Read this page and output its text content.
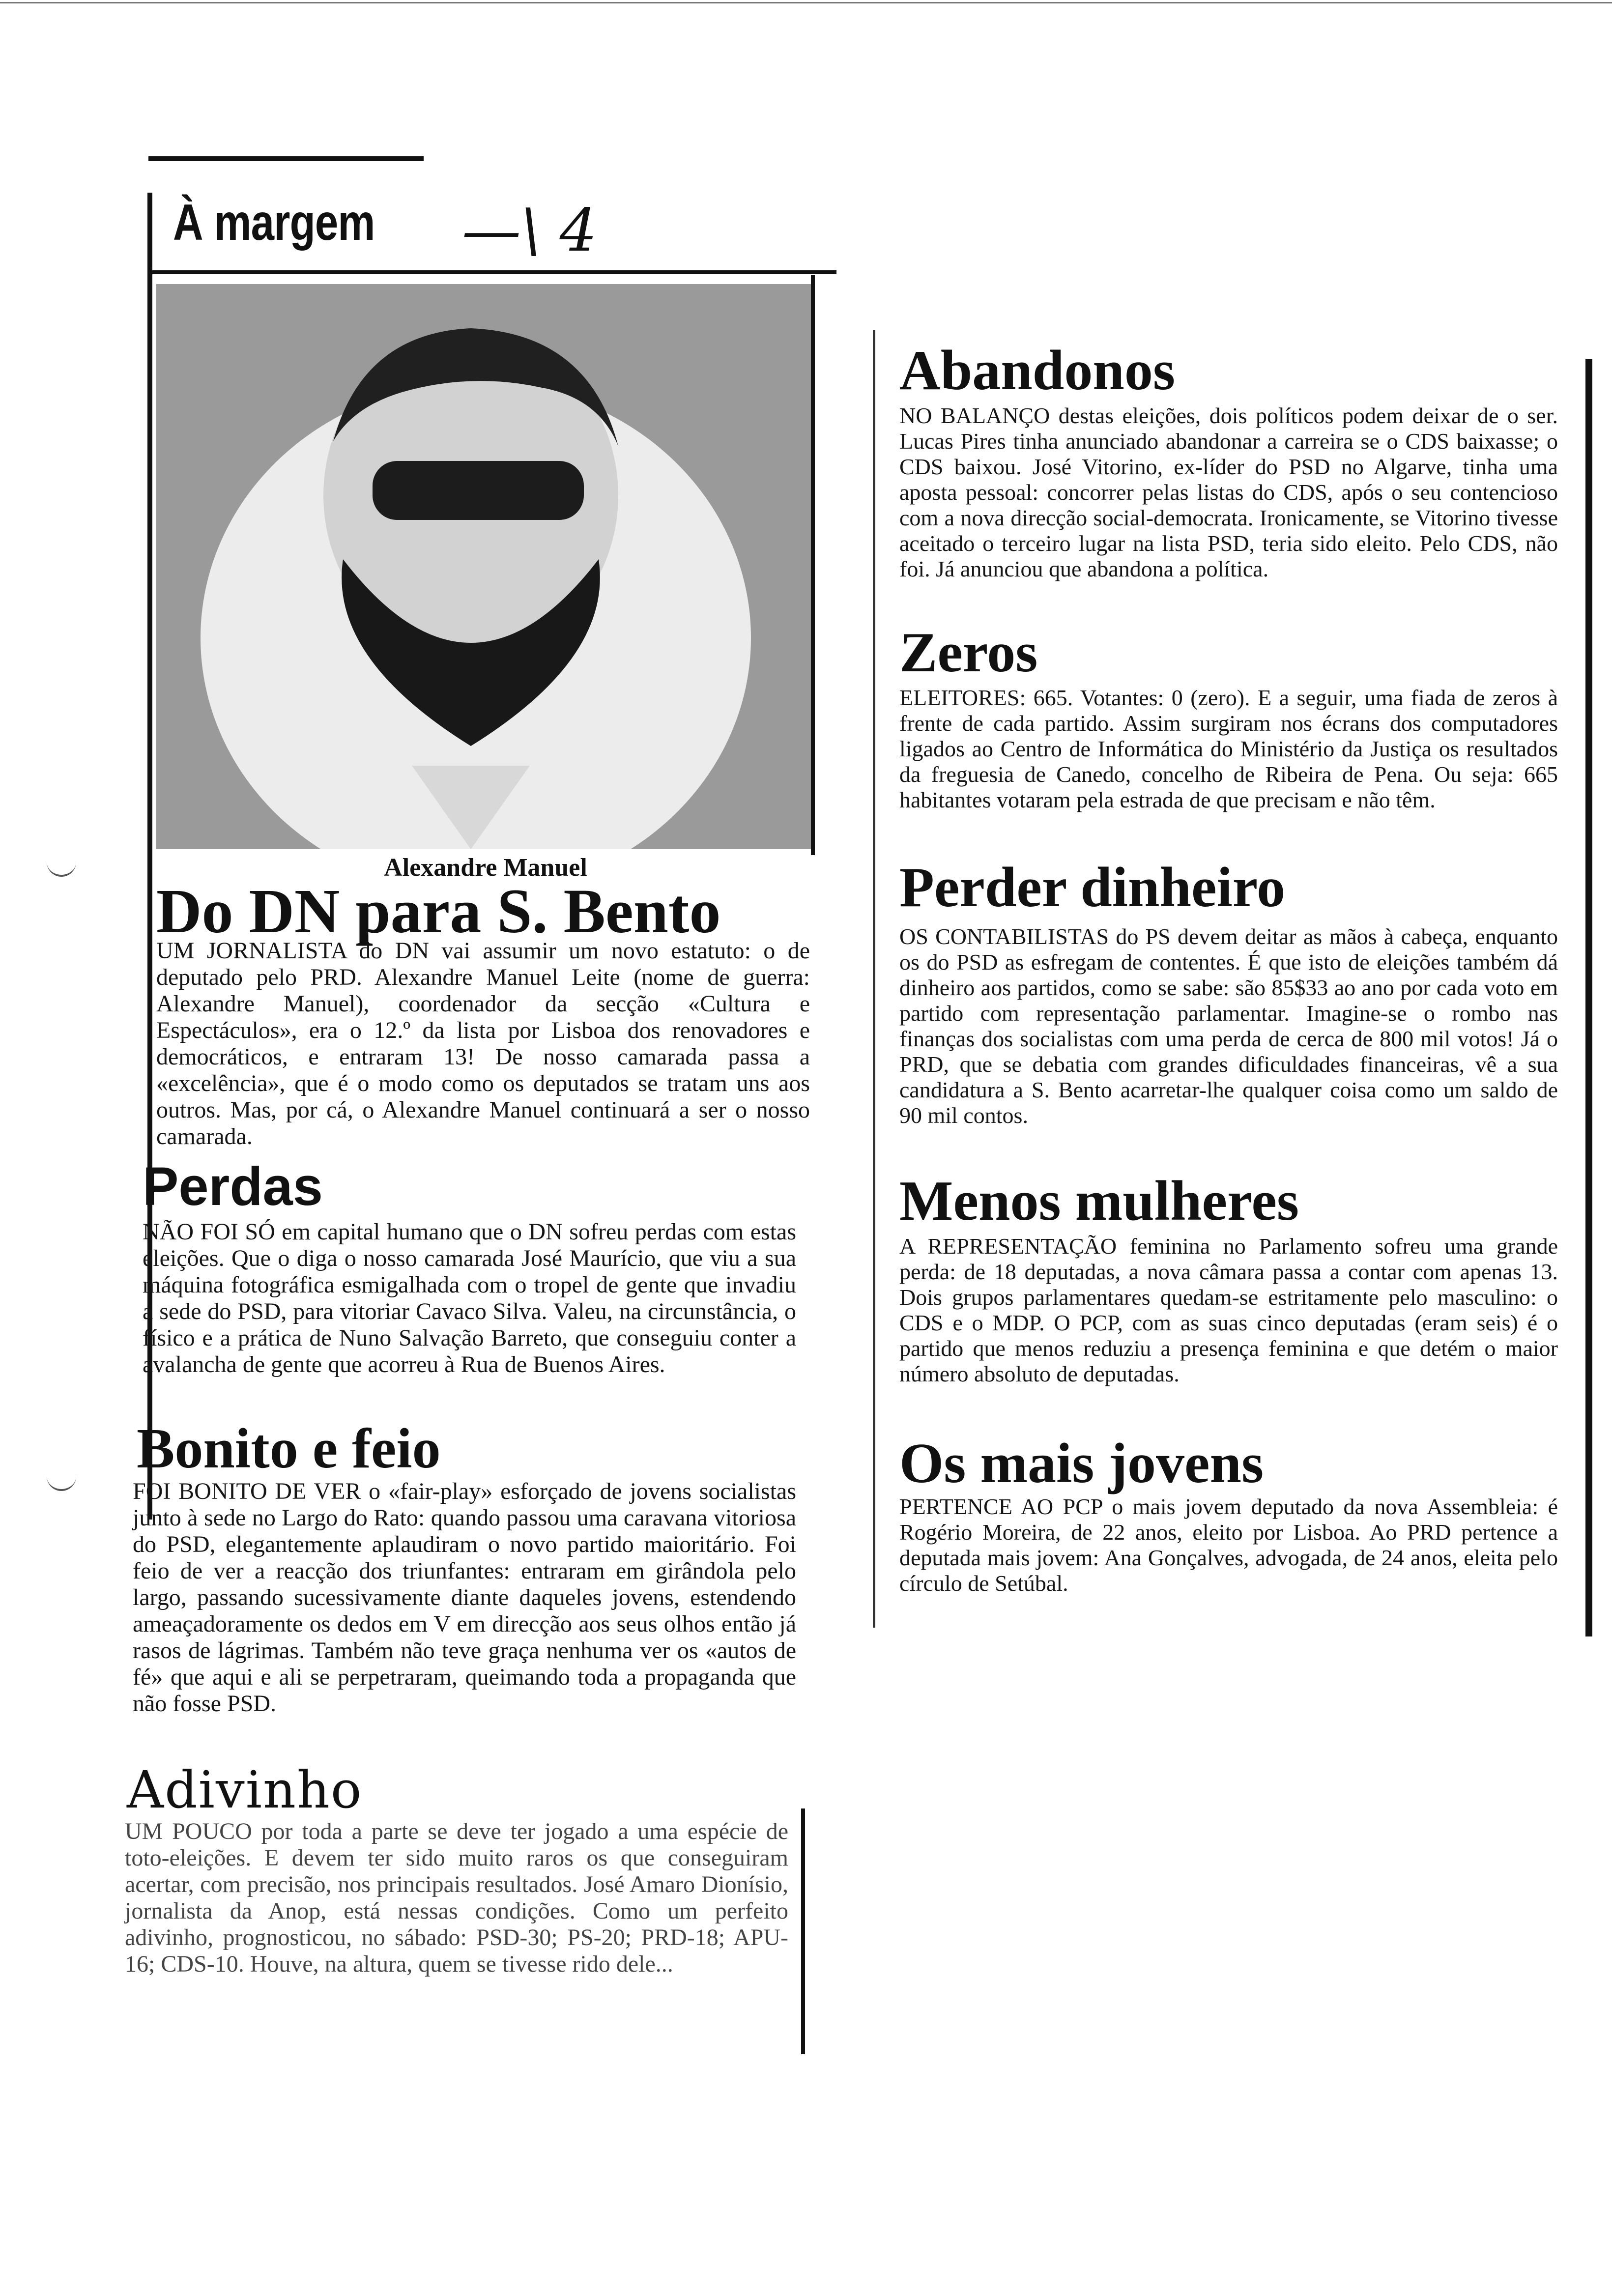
À margem —\ 4
Alexandre Manuel
Do DN para S. Bento
UM JORNALISTA do DN vai assumir um novo estatuto: o de deputado pelo PRD. Alexandre Manuel Leite (nome de guerra: Alexandre Manuel), coordenador da secção «Cultura e Espectáculos», era o 12.º da lista por Lisboa dos renovadores e democráticos, e entraram 13! De nosso camarada passa a «excelência», que é o modo como os deputados se tratam uns aos outros. Mas, por cá, o Alexandre Manuel continuará a ser o nosso camarada.
Perdas
NÃO FOI SÓ em capital humano que o DN sofreu perdas com estas eleições. Que o diga o nosso camarada José Maurício, que viu a sua máquina fotográfica esmigalhada com o tropel de gente que invadiu a sede do PSD, para vitoriar Cavaco Silva. Valeu, na circunstância, o físico e a prática de Nuno Salvação Barreto, que conseguiu conter a avalancha de gente que acorreu à Rua de Buenos Aires.
Bonito e feio
FOI BONITO DE VER o «fair-play» esforçado de jovens socialistas junto à sede no Largo do Rato: quando passou uma caravana vitoriosa do PSD, elegantemente aplaudiram o novo partido maioritário. Foi feio de ver a reacção dos triunfantes: entraram em girândola pelo largo, passando sucessivamente diante daqueles jovens, estendendo ameaçadoramente os dedos em V em direcção aos seus olhos então já rasos de lágrimas. Também não teve graça nenhuma ver os «autos de fé» que aqui e ali se perpetraram, queimando toda a propaganda que não fosse PSD.
Adivinho
UM POUCO por toda a parte se deve ter jogado a uma espécie de toto-eleições. E devem ter sido muito raros os que conseguiram acertar, com precisão, nos principais resultados. José Amaro Dionísio, jornalista da Anop, está nessas condições. Como um perfeito adivinho, prognosticou, no sábado: PSD-30; PS-20; PRD-18; APU-16; CDS-10. Houve, na altura, quem se tivesse rido dele...
Abandonos
NO BALANÇO destas eleições, dois políticos podem deixar de o ser. Lucas Pires tinha anunciado abandonar a carreira se o CDS baixasse; o CDS baixou. José Vitorino, ex-líder do PSD no Algarve, tinha uma aposta pessoal: concorrer pelas listas do CDS, após o seu contencioso com a nova direcção social-democrata. Ironicamente, se Vitorino tivesse aceitado o terceiro lugar na lista PSD, teria sido eleito. Pelo CDS, não foi. Já anunciou que abandona a política.
Zeros
ELEITORES: 665. Votantes: 0 (zero). E a seguir, uma fiada de zeros à frente de cada partido. Assim surgiram nos écrans dos computadores ligados ao Centro de Informática do Ministério da Justiça os resultados da freguesia de Canedo, concelho de Ribeira de Pena. Ou seja: 665 habitantes votaram pela estrada de que precisam e não têm.
Perder dinheiro
OS CONTABILISTAS do PS devem deitar as mãos à cabeça, enquanto os do PSD as esfregam de contentes. É que isto de eleições também dá dinheiro aos partidos, como se sabe: são 85$33 ao ano por cada voto em partido com representação parlamentar. Imagine-se o rombo nas finanças dos socialistas com uma perda de cerca de 800 mil votos! Já o PRD, que se debatia com grandes dificuldades financeiras, vê a sua candidatura a S. Bento acarretar-lhe qualquer coisa como um saldo de 90 mil contos.
Menos mulheres
A REPRESENTAÇÃO feminina no Parlamento sofreu uma grande perda: de 18 deputadas, a nova câmara passa a contar com apenas 13. Dois grupos parlamentares quedam-se estritamente pelo masculino: o CDS e o MDP. O PCP, com as suas cinco deputadas (eram seis) é o partido que menos reduziu a presença feminina e que detém o maior número absoluto de deputadas.
Os mais jovens
PERTENCE AO PCP o mais jovem deputado da nova Assembleia: é Rogério Moreira, de 22 anos, eleito por Lisboa. Ao PRD pertence a deputada mais jovem: Ana Gonçalves, advogada, de 24 anos, eleita pelo círculo de Setúbal.
